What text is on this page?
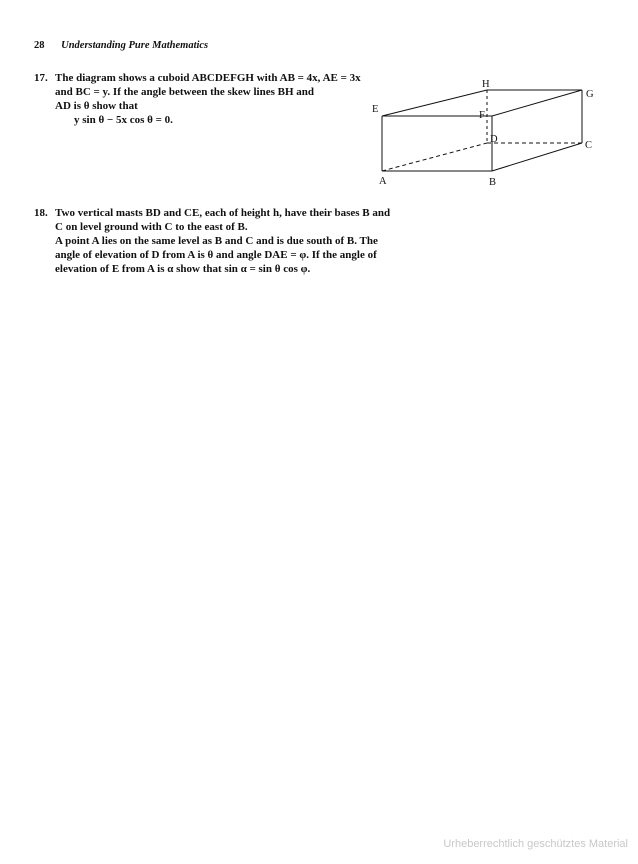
28 Understanding Pure Mathematics
17. The diagram shows a cuboid ABCDEFGH with AB = 4x, AE = 3x
and BC = y. If the angle between the skew lines BH and
AD is θ show that
y sin θ − 5x cos θ = 0.
H
G
E
F
D
C
A	B
18. Two vertical masts BD and CE, each of height h, have their bases B and
C on level ground with C to the east of B.
A point A lies on the same level as B and C and is due south of B. The
angle of elevation of D from A is θ and angle DAE = φ. If the angle of
elevation of E from A is α show that sin α = sin θ cos φ.
Urheberrechtlich geschütztes Material
